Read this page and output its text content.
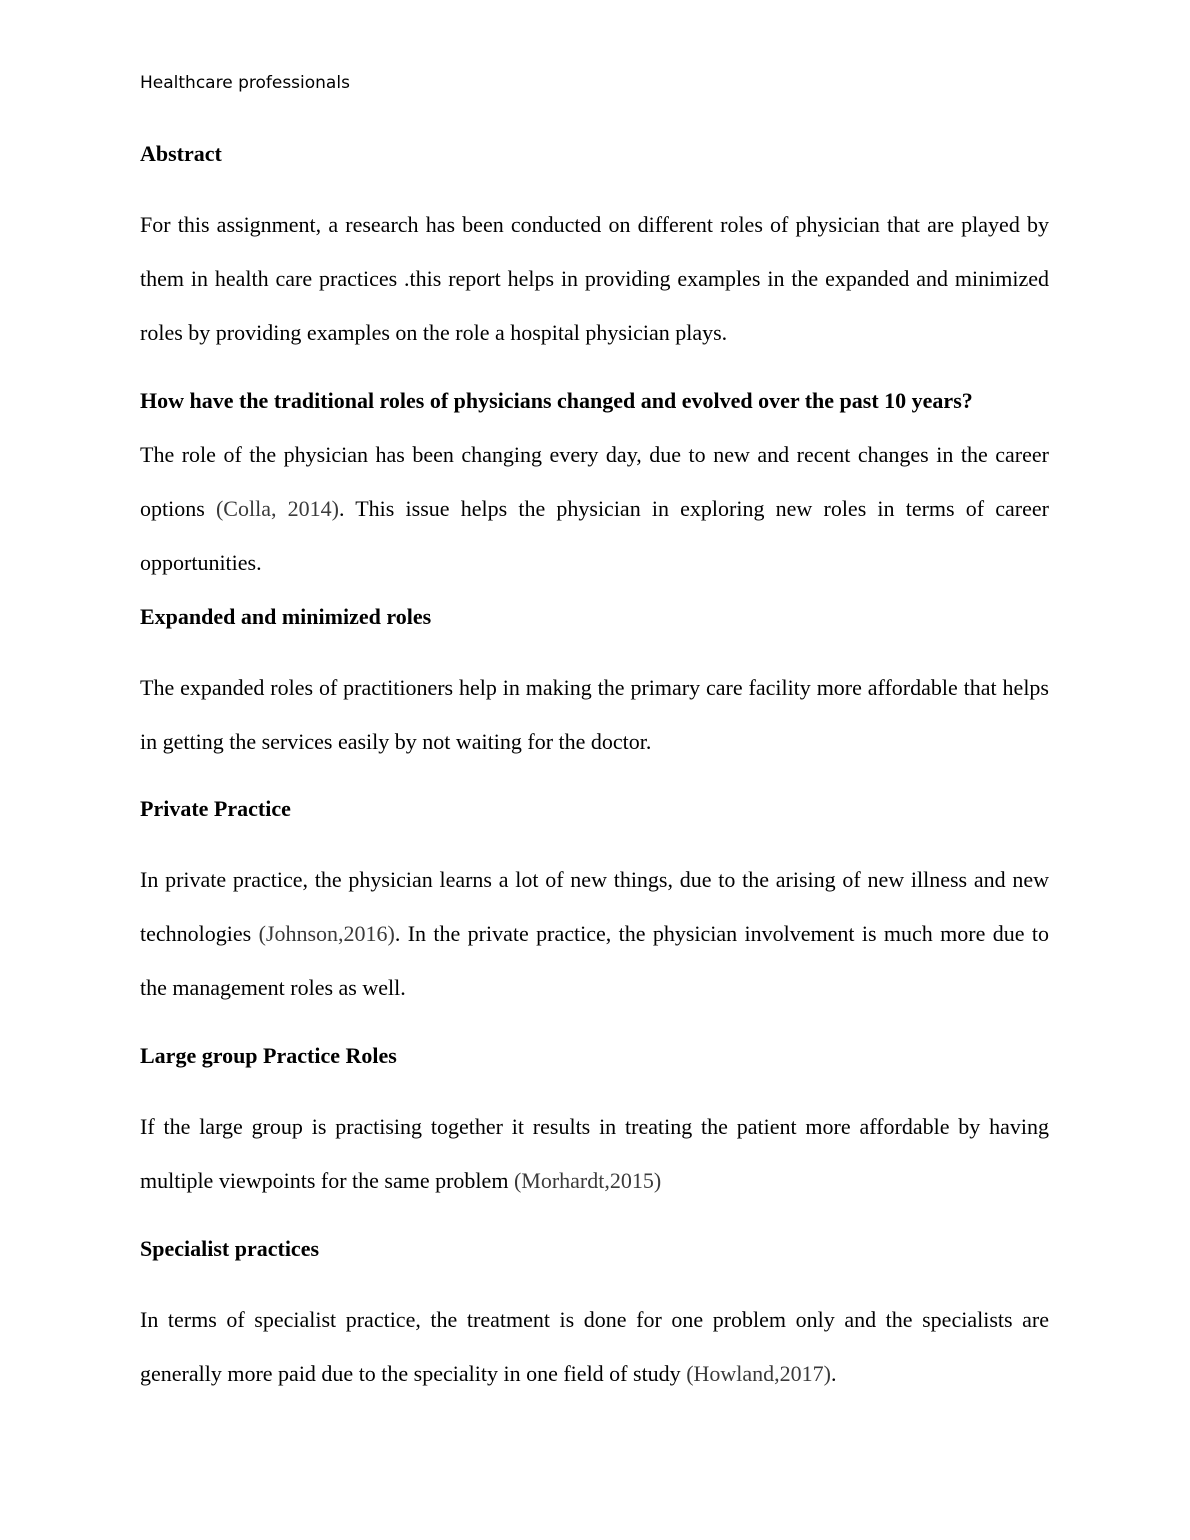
Healthcare professionals

Abstract

For this assignment, a research has been conducted on different roles of physician that are played by them in health care practices .this report helps in providing examples in the expanded and minimized roles by providing examples on the role a hospital physician plays.

How have the traditional roles of physicians changed and evolved over the past 10 years?

The role of the physician has been changing every day, due to new and recent changes in the career options (Colla, 2014). This issue helps the physician in exploring new roles in terms of career opportunities.

Expanded and minimized roles

The expanded roles of practitioners help in making the primary care facility more affordable that helps in getting the services easily by not waiting for the doctor.

Private Practice

In private practice, the physician learns a lot of new things, due to the arising of new illness and new technologies (Johnson,2016). In the private practice, the physician involvement is much more due to the management roles as well.

Large group Practice Roles

If the large group is practising together it results in treating the patient more affordable by having multiple viewpoints for the same problem (Morhardt,2015)

Specialist practices

In terms of specialist practice, the treatment is done for one problem only and the specialists are generally more paid due to the speciality in one field of study (Howland,2017).
